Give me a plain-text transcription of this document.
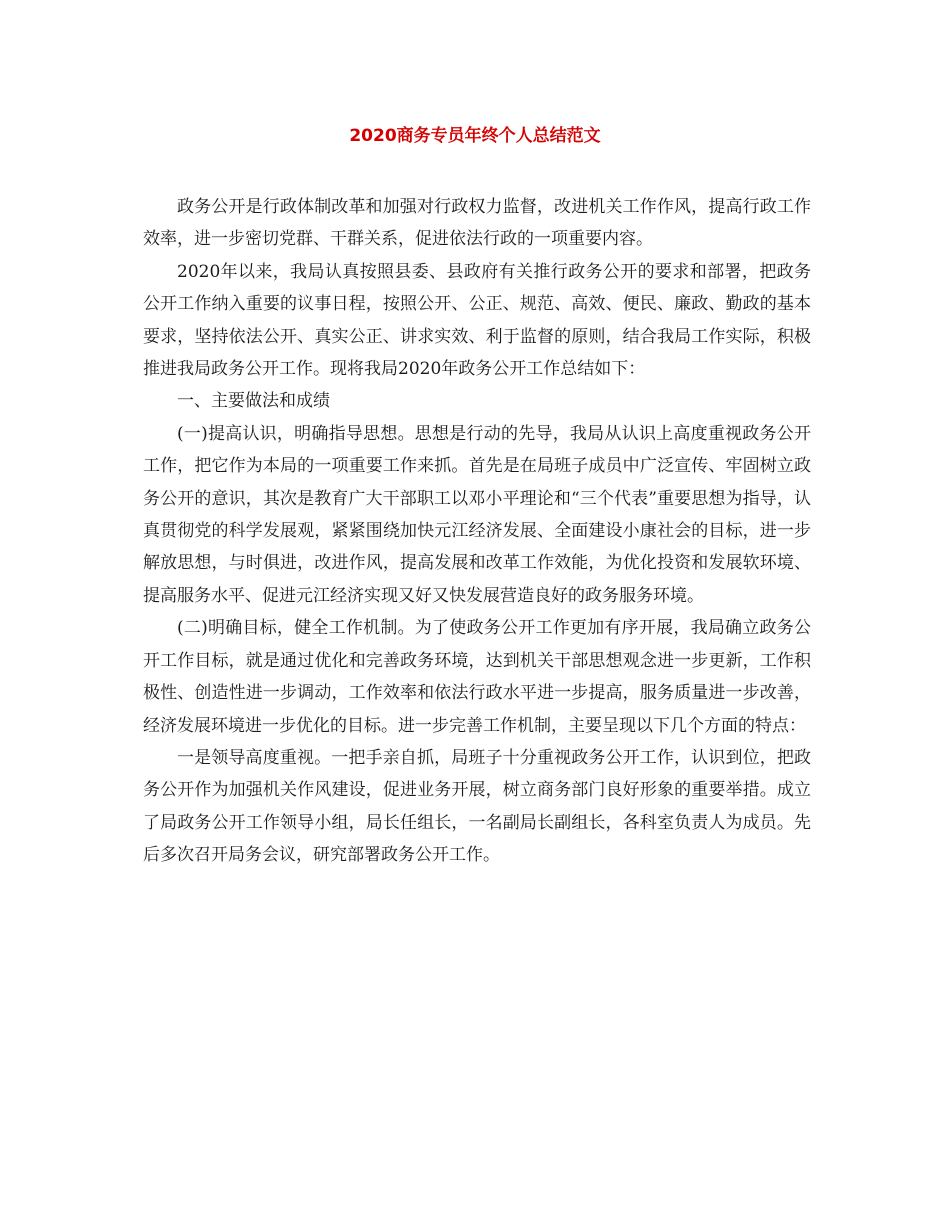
2020商务专员年终个人总结范文

政务公开是行政体制改革和加强对行政权力监督，改进机关工作作风，提高行政工作效率，进一步密切党群、干群关系，促进依法行政的一项重要内容。

2020年以来，我局认真按照县委、县政府有关推行政务公开的要求和部署，把政务公开工作纳入重要的议事日程，按照公开、公正、规范、高效、便民、廉政、勤政的基本要求，坚持依法公开、真实公正、讲求实效、利于监督的原则，结合我局工作实际，积极推进我局政务公开工作。现将我局2020年政务公开工作总结如下：

一、主要做法和成绩

(一)提高认识，明确指导思想。思想是行动的先导，我局从认识上高度重视政务公开工作，把它作为本局的一项重要工作来抓。首先是在局班子成员中广泛宣传、牢固树立政务公开的意识，其次是教育广大干部职工以邓小平理论和“三个代表”重要思想为指导，认真贯彻党的科学发展观，紧紧围绕加快元江经济发展、全面建设小康社会的目标，进一步解放思想，与时俱进，改进作风，提高发展和改革工作效能，为优化投资和发展软环境、提高服务水平、促进元江经济实现又好又快发展营造良好的政务服务环境。

(二)明确目标，健全工作机制。为了使政务公开工作更加有序开展，我局确立政务公开工作目标，就是通过优化和完善政务环境，达到机关干部思想观念进一步更新，工作积极性、创造性进一步调动，工作效率和依法行政水平进一步提高，服务质量进一步改善，经济发展环境进一步优化的目标。进一步完善工作机制，主要呈现以下几个方面的特点：

一是领导高度重视。一把手亲自抓，局班子十分重视政务公开工作，认识到位，把政务公开作为加强机关作风建设，促进业务开展，树立商务部门良好形象的重要举措。成立了局政务公开工作领导小组，局长任组长，一名副局长副组长，各科室负责人为成员。先后多次召开局务会议，研究部署政务公开工作。
